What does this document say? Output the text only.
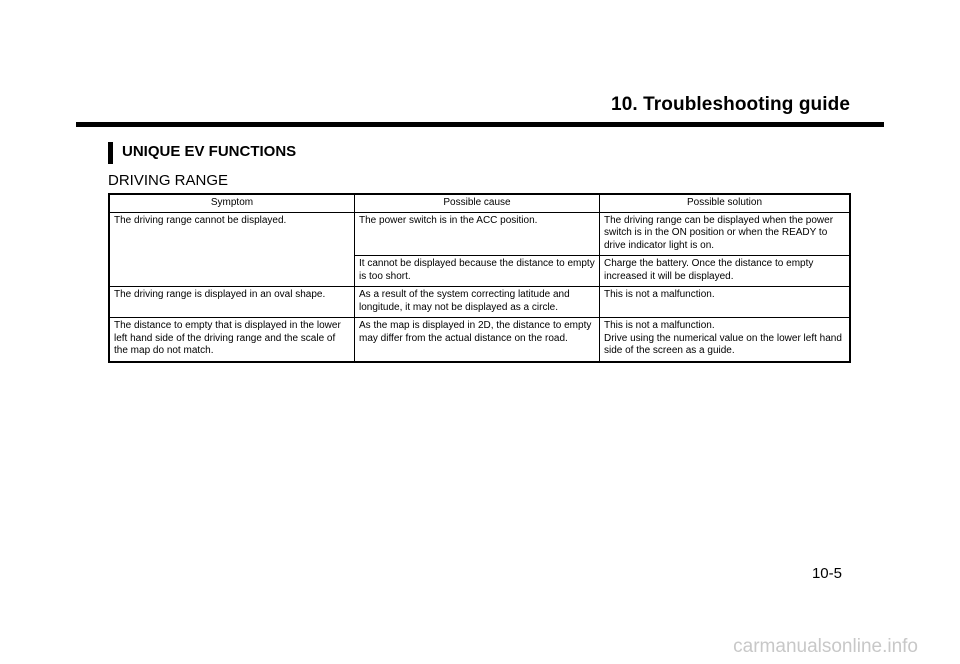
10. Troubleshooting guide
UNIQUE EV FUNCTIONS
DRIVING RANGE
Symptom	Possible cause	Possible solution
The driving range cannot be displayed.	The power switch is in the ACC position.	The driving range can be displayed when the power switch is in the ON position or when the READY to drive indicator light is on.
	It cannot be displayed because the distance to empty is too short.	Charge the battery. Once the distance to empty increased it will be displayed.
The driving range is displayed in an oval shape.	As a result of the system correcting latitude and longitude, it may not be displayed as a circle.	This is not a malfunction.
The distance to empty that is displayed in the lower left hand side of the driving range and the scale of the map do not match.	As the map is displayed in 2D, the distance to empty may differ from the actual distance on the road.	This is not a malfunction.
Drive using the numerical value on the lower left hand side of the screen as a guide.
10-5
carmanualsonline.info
